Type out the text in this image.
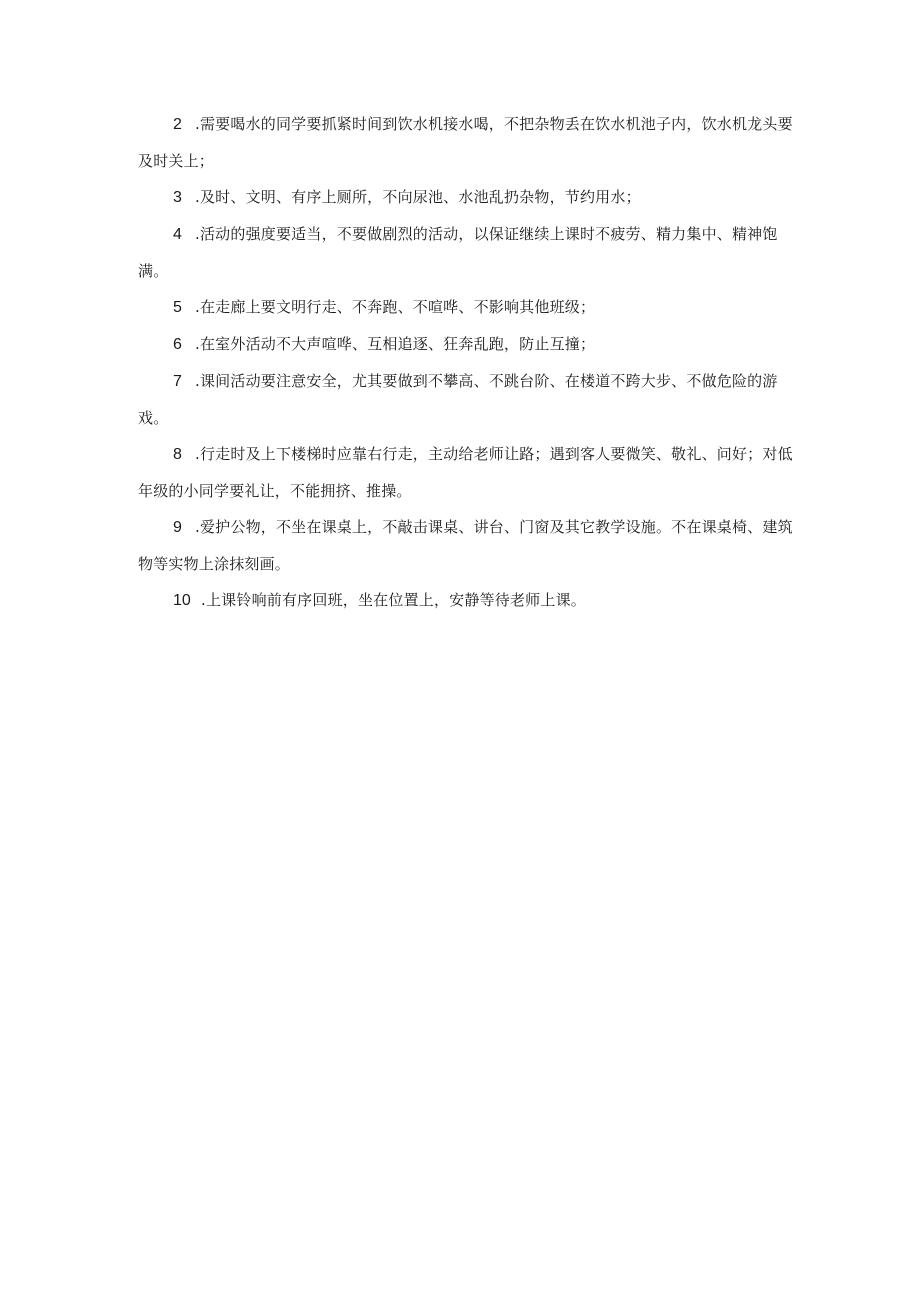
2 .需要喝水的同学要抓紧时间到饮水机接水喝，不把杂物丢在饮水机池子内，饮水机龙头要及时关上；

3 .及时、文明、有序上厕所，不向尿池、水池乱扔杂物，节约用水；

4 .活动的强度要适当，不要做剧烈的活动，以保证继续上课时不疲劳、精力集中、精神饱满。

5 .在走廊上要文明行走、不奔跑、不喧哗、不影响其他班级；

6 .在室外活动不大声喧哗、互相追逐、狂奔乱跑，防止互撞；

7 .课间活动要注意安全，尤其要做到不攀高、不跳台阶、在楼道不跨大步、不做危险的游戏。

8 .行走时及上下楼梯时应靠右行走，主动给老师让路；遇到客人要微笑、敬礼、问好；对低年级的小同学要礼让，不能拥挤、推操。

9 .爱护公物，不坐在课桌上，不敲击课桌、讲台、门窗及其它教学设施。不在课桌椅、建筑物等实物上涂抹刻画。

10 .上课铃响前有序回班，坐在位置上，安静等待老师上课。
